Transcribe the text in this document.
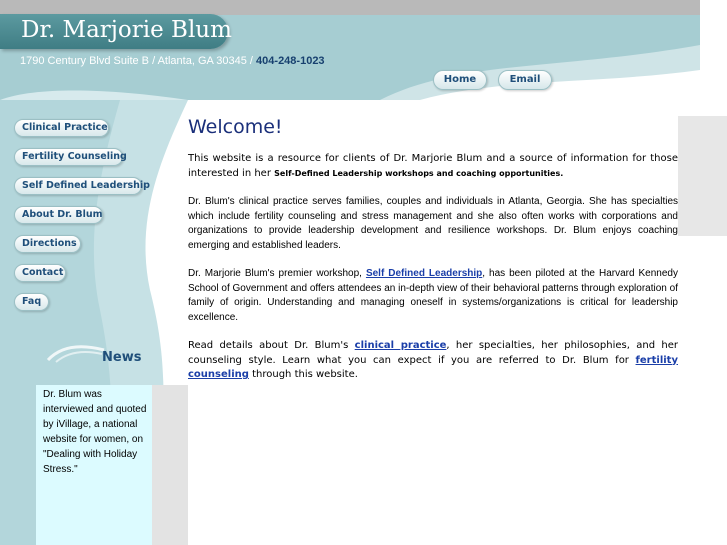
Dr. Marjorie Blum
1790 Century Blvd Suite B / Atlanta, GA 30345 / 404-248-1023
Home	Email
Clinical Practice
Fertility Counseling
Self Defined Leadership
About Dr. Blum
Directions
Contact
Faq
News
Dr. Blum was interviewed and quoted by iVillage, a national website for women, on "Dealing with Holiday Stress."
Welcome!

This website is a resource for clients of Dr. Marjorie Blum and a source of information for those interested in her Self-Defined Leadership workshops and coaching opportunities.

Dr. Blum's clinical practice serves families, couples and individuals in Atlanta, Georgia. She has specialties which include fertility counseling and stress management and she also often works with corporations and organizations to provide leadership development and resilience workshops. Dr. Blum enjoys coaching emerging and established leaders.

Dr. Marjorie Blum's premier workshop, Self Defined Leadership, has been piloted at the Harvard Kennedy School of Government and offers attendees an in-depth view of their behavioral patterns through exploration of family of origin. Understanding and managing oneself in systems/organizations is critical for leadership excellence.

Read details about Dr. Blum's clinical practice, her specialties, her philosophies, and her counseling style. Learn what you can expect if you are referred to Dr. Blum for fertility counseling through this website.
